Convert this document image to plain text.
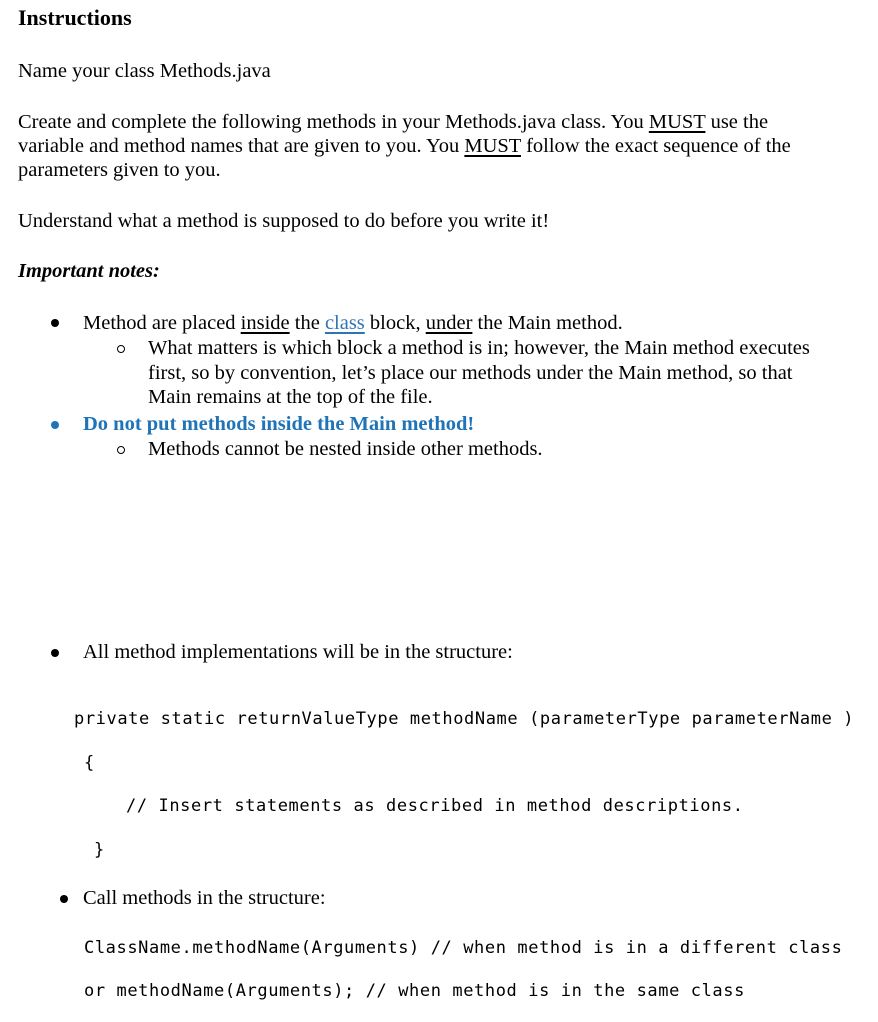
Instructions
Name your class Methods.java
Create and complete the following methods in your Methods.java class. You MUST use the
variable and method names that are given to you. You MUST follow the exact sequence of the
parameters given to you.
Understand what a method is supposed to do before you write it!
Important notes:
Method are placed inside the class block, under the Main method.
What matters is which block a method is in; however, the Main method executes
first, so by convention, let’s place our methods under the Main method, so that
Main remains at the top of the file.
Do not put methods inside the Main method!
Methods cannot be nested inside other methods.
All method implementations will be in the structure:
private static returnValueType methodName (parameterType parameterName )
{
// Insert statements as described in method descriptions.
}
Call methods in the structure:
ClassName.methodName(Arguments) // when method is in a different class
or methodName(Arguments); // when method is in the same class
